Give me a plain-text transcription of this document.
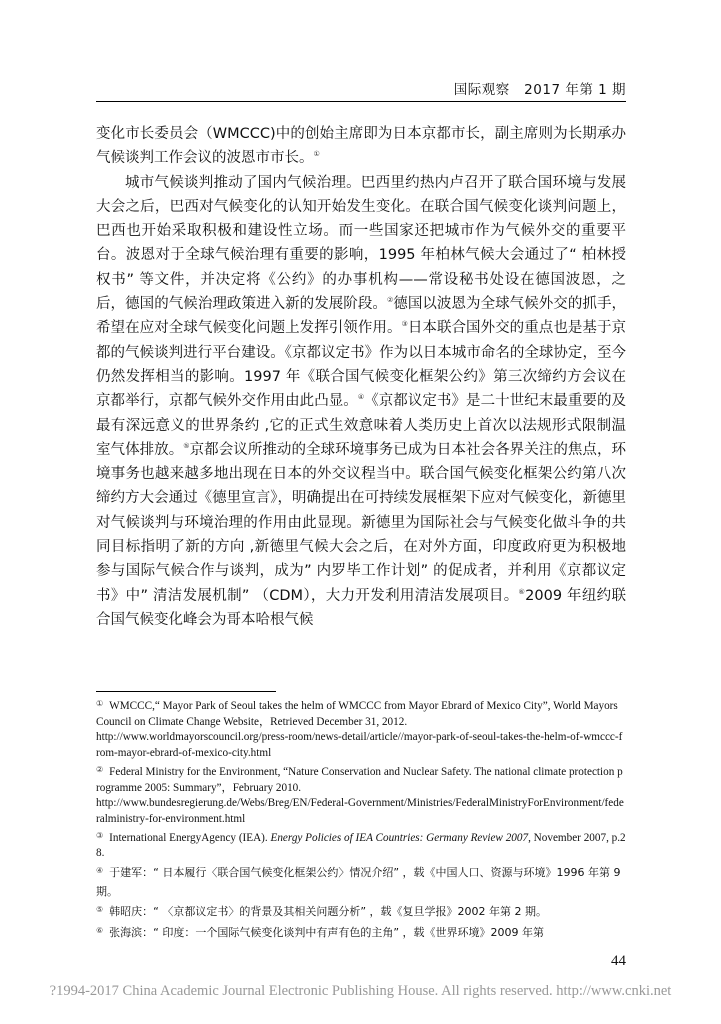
国际观察 2017 年第 1 期

变化市长委员会（WMCCC)中的创始主席即为日本京都市长，副主席则为长期承办气候谈判工作会议的波恩市市长。①

城市气候谈判推动了国内气候治理。巴西里约热内卢召开了联合国环境与发展大会之后，巴西对气候变化的认知开始发生变化。在联合国气候变化谈判问题上，巴西也开始采取积极和建设性立场。而一些国家还把城市作为气候外交的重要平台。波恩对于全球气候治理有重要的影响，1995 年柏林气候大会通过了“ 柏林授权书” 等文件，并决定将《公约》的办事机构——常设秘书处设在德国波恩，之后，德国的气候治理政策进入新的发展阶段。②德国以波恩为全球气候外交的抓手，希望在应对全球气候变化问题上发挥引领作用。③日本联合国外交的重点也是基于京都的气候谈判进行平台建设。《京都议定书》作为以日本城市命名的全球协定，至今仍然发挥相当的影响。1997 年《联合国气候变化框架公约》第三次缔约方会议在京都举行，京都气候外交作用由此凸显。④《京都议定书》是二十世纪末最重要的及最有深远意义的世界条约 ,它的正式生效意味着人类历史上首次以法规形式限制温室气体排放。⑤京都会议所推动的全球环境事务已成为日本社会各界关注的焦点，环境事务也越来越多地出现在日本的外交议程当中。联合国气候变化框架公约第八次缔约方大会通过《德里宣言》，明确提出在可持续发展框架下应对气候变化，新德里对气候谈判与环境治理的作用由此显现。新德里为国际社会与气候变化做斗争的共同目标指明了新的方向 ,新德里气候大会之后，在对外方面，印度政府更为积极地参与国际气候合作与谈判，成为” 内罗毕工作计划” 的促成者，并利用《京都议定书》中” 清洁发展机制” （CDM），大力开发利用清洁发展项目。⑥2009 年纽约联合国气候变化峰会为哥本哈根气候

① WMCCC,“ Mayor Park of Seoul takes the helm of WMCCC from Mayor Ebrard of Mexico City”, World Mayors Council on Climate Change Website，Retrieved December 31, 2012.
http://www.worldmayorscouncil.org/press-room/news-detail/article//mayor-park-of-seoul-takes-the-helm-of-wmccc-from-mayor-ebrard-of-mexico-city.html

② Federal Ministry for the Environment, “Nature Conservation and Nuclear Safety. The national climate protection programme 2005: Summary”，February 2010.
http://www.bundesregierung.de/Webs/Breg/EN/Federal-Government/Ministries/FederalMinistryForEnvironment/federalministry-for-environment.html

③ International EnergyAgency (IEA). Energy Policies of IEA Countries: Germany Review 2007, November 2007, p.28.

④ 于建军：“ 日本履行〈联合国气候变化框架公约〉情况介绍” ，载《中国人口、资源与环境》1996 年第 9 期。

⑤ 韩昭庆：“ 〈京都议定书〉的背景及其相关问题分析” ，载《复旦学报》2002 年第 2 期。

⑥ 张海滨：“ 印度：一个国际气候变化谈判中有声有色的主角” ，载《世界环境》2009 年第

44
?1994-2017 China Academic Journal Electronic Publishing House. All rights reserved. http://www.cnki.net
